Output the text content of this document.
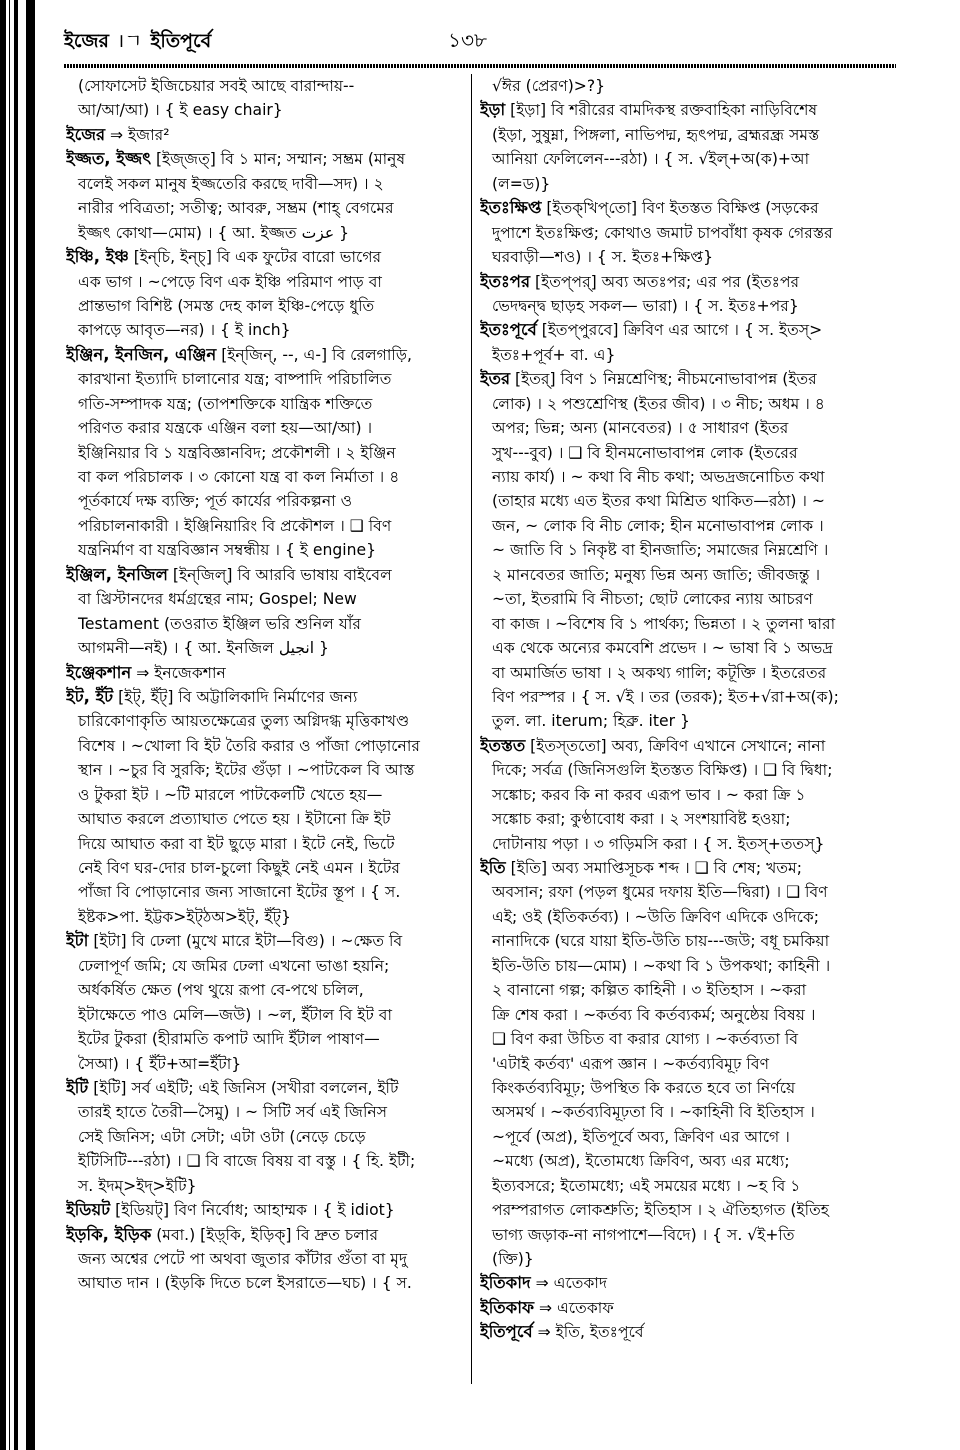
ইজের ।ㄱ ইতিপূর্বে	১৩৮
(সোফাসেট ইজিচেয়ার সবই আছে বারান্দায়--
আ/আ/আ) । { ই easy chair}
ইজের ⇒ ইজার²
ইজ্জত, ইজ্জৎ [ইজ্‌জত্‌] বি ১ মান; সম্মান; সম্ভ্রম (মানুষ
বলেই সকল মানুষ ইজ্জতেরি করছে দাবী—সদ) । ২
নারীর পবিত্রতা; সতীত্ব; আবরু, সম্ভ্রম (শাহ্‌ বেগমের
ইজ্জৎ কোথা—মোম) । { আ. ইজ্জত عزت }
ইঞ্চি, ইঞ্চ [ইন্‌চি, ইন্‌চ্‌] বি এক ফুটের বারো ভাগের
এক ভাগ । ~পেড়ে বিণ এক ইঞ্চি পরিমাণ পাড় বা
প্রান্তভাগ বিশিষ্ট (সমস্ত দেহ কাল ইঞ্চি-পেড়ে ধুতি
কাপড়ে আবৃত—নর) । { ই inch}
ইঞ্জিন, ইনজিন, এঞ্জিন [ইন্‌জিন্‌, --, এ-] বি রেলগাড়ি,
কারখানা ইত্যাদি চালানোর যন্ত্র; বাষ্পাদি পরিচালিত
গতি-সম্পাদক যন্ত্র; (তাপশক্তিকে যান্ত্রিক শক্তিতে
পরিণত করার যন্ত্রকে এঞ্জিন বলা হয়—আ/আ) ।
ইঞ্জিনিয়ার বি ১ যন্ত্রবিজ্ঞানবিদ; প্রকৌশলী । ২ ইঞ্জিন
বা কল পরিচালক । ৩ কোনো যন্ত্র বা কল নির্মাতা । ৪
পূর্তকার্যে দক্ষ ব্যক্তি; পূর্ত কার্যের পরিকল্পনা ও
পরিচালনাকারী । ইঞ্জিনিয়ারিং বি প্রকৌশল । ❑ বিণ
যন্ত্রনির্মাণ বা যন্ত্রবিজ্ঞান সম্বন্ধীয় । { ই engine}
ইঞ্জিল, ইনজিল [ইন্‌জিল্‌] বি আরবি ভাষায় বাইবেল
বা খ্রিস্টানদের ধর্মগ্রন্থের নাম; Gospel; New
Testament (তওরাত ইঞ্জিল ভরি শুনিল যাঁর
আগমনী—নই) । { আ. ইনজিল انجیل }
ইঞ্জেকশান ⇒ ইনজেকশান
ইট, ইঁট [ইট্‌, ইঁট্‌] বি অট্টালিকাদি নির্মাণের জন্য
চারিকোণাকৃতি আয়তক্ষেত্রের তুল্য অগ্নিদগ্ধ মৃত্তিকাখণ্ড
বিশেষ । ~খোলা বি ইট তৈরি করার ও পাঁজা পোড়ানোর
স্থান । ~চুর বি সুরকি; ইটের গুঁড়া । ~পাটকেল বি আস্ত
ও টুকরা ইট । ~টি মারলে পাটকেলটি খেতে হয়—
আঘাত করলে প্রত্যাঘাত পেতে হয় । ইটানো ক্রি ইট
দিয়ে আঘাত করা বা ইট ছুড়ে মারা । ইটে নেই, ভিটে
নেই বিণ ঘর-দোর চাল-চুলো কিছুই নেই এমন । ইটের
পাঁজা বি পোড়ানোর জন্য সাজানো ইটের স্তূপ । { স.
ইষ্টক>পা. ইট্টক>ইট্‌ঠঅ>ইট্‌, ইঁট্‌}
ইটা [ইটা] বি ঢেলা (মুখে মারে ইটা—বিগু) । ~ক্ষেত বি
ঢেলাপূর্ণ জমি; যে জমির ঢেলা এখনো ভাঙা হয়নি;
অর্ধকর্ষিত ক্ষেত (পথ থুয়ে রূপা বে-পথে চলিল,
ইটাক্ষেতে পাও মেলি—জউ) । ~ল, ইঁটাল বি ইট বা
ইটের টুকরা (হীরামতি কপাট আদি ইঁটাল পাষাণ—
সৈআ) । { ইঁট+আ=ইঁটা}
ইটি [ইটি] সর্ব এইটি; এই জিনিস (সখীরা বললেন, ইটি
তারই হাতে তৈরী—সৈমু) । ~ সিটি সর্ব এই জিনিস
সেই জিনিস; এটা সেটা; এটা ওটা (নেড়ে চেড়ে
ইটিসিটি---রঠা) । ❑ বি বাজে বিষয় বা বস্তু । { হি. ইটী;
স. ইদম্‌>ইদ্‌>ইটি}
ইডিয়ট [ইডিয়ট্‌] বিণ নির্বোধ; আহাম্মক । { ই idiot}
ইড়কি, ইড়িক (মবা.) [ইড়্‌কি, ইড়িক্‌] বি দ্রুত চলার
জন্য অশ্বের পেটে পা অথবা জুতার কাঁটার গুঁতা বা মৃদু
আঘাত দান । (ইড়কি দিতে চলে ইসরাতে—ঘচ) । { স.
√ঈর (প্রেরণ)>?}
ইড়া [ইড়া] বি শরীরের বামদিকস্থ রক্তবাহিকা নাড়িবিশেষ
(ইড়া, সুষুম্না, পিঙ্গলা, নাভিপদ্ম, হৃৎপদ্ম, ব্রহ্মরন্ধ্র সমস্ত
আনিয়া ফেলিলেন---রঠা) । { স. √ইল্‌+অ(ক)+আ
(ল=ড)}
ইতঃক্ষিপ্ত [ইতক্‌খিপ্‌তো] বিণ ইতস্তত বিক্ষিপ্ত (সড়কের
দুপাশে ইতঃক্ষিপ্ত; কোথাও জমাট চাপবাঁধা কৃষক গেরস্তর
ঘরবাড়ী—শও) । { স. ইতঃ+ক্ষিপ্ত}
ইতঃপর [ইতপ্‌পর্‌] অব্য অতঃপর; এর পর (ইতঃপর
ভেদদ্বন্দ্ব ছাড়হ সকল— ভারা) । { স. ইতঃ+পর}
ইতঃপূর্বে [ইতপ্‌পুরবে] ক্রিবিণ এর আগে । { স. ইতস্‌>
ইতঃ+পূর্ব+ বা. এ}
ইতর [ইতর্‌] বিণ ১ নিম্নশ্রেণিস্থ; নীচমনোভাবাপন্ন (ইতর
লোক) । ২ পশুশ্রেণিস্থ (ইতর জীব) । ৩ নীচ; অধম । ৪
অপর; ভিন্ন; অন্য (মানবেতর) । ৫ সাধারণ (ইতর
সুখ---বুব) । ❑ বি হীনমনোভাবাপন্ন লোক (ইতরের
ন্যায় কার্য) । ~ কথা বি নীচ কথা; অভদ্রজনোচিত কথা
(তাহার মধ্যে এত ইতর কথা মিশ্রিত থাকিত—রঠা) । ~
জন, ~ লোক বি নীচ লোক; হীন মনোভাবাপন্ন লোক ।
~ জাতি বি ১ নিকৃষ্ট বা হীনজাতি; সমাজের নিম্নশ্রেণি ।
২ মানবেতর জাতি; মনুষ্য ভিন্ন অন্য জাতি; জীবজন্তু ।
~তা, ইতরামি বি নীচতা; ছোট লোকের ন্যায় আচরণ
বা কাজ । ~বিশেষ বি ১ পার্থক্য; ভিন্নতা । ২ তুলনা দ্বারা
এক থেকে অন্যের কমবেশি প্রভেদ । ~ ভাষা বি ১ অভদ্র
বা অমার্জিত ভাষা । ২ অকথ্য গালি; কটূক্তি । ইতরেতর
বিণ পরস্পর । { স. √ই । তর (তরক); ইত+√রা+অ(ক);
তুল. লা. iterum; হিব্রু. iter }
ইতস্তত [ইতস্‌ততো] অব্য, ক্রিবিণ এখানে সেখানে; নানা
দিকে; সর্বত্র (জিনিসগুলি ইতস্তত বিক্ষিপ্ত) । ❑ বি দ্বিধা;
সঙ্কোচ; করব কি না করব এরূপ ভাব । ~ করা ক্রি ১
সঙ্কোচ করা; কুণ্ঠাবোধ করা । ২ সংশয়াবিষ্ট হওয়া;
দোটানায় পড়া । ৩ গড়িমসি করা । { স. ইতস্‌+ততস্‌}
ইতি [ইতি] অব্য সমাপ্তিসূচক শব্দ । ❑ বি শেষ; খতম;
অবসান; রফা (পড়ল ধুমের দফায় ইতি—দ্বিরা) । ❑ বিণ
এই; ওই (ইতিকর্তব্য) । ~উতি ক্রিবিণ এদিকে ওদিকে;
নানাদিকে (ঘরে যায়া ইতি-উতি চায়---জউ; বধূ চমকিয়া
ইতি-উতি চায়—মোম) । ~কথা বি ১ উপকথা; কাহিনী ।
২ বানানো গল্প; কল্পিত কাহিনী । ৩ ইতিহাস । ~করা
ক্রি শেষ করা । ~কর্তব্য বি কর্তব্যকর্ম; অনুষ্ঠেয় বিষয় ।
❑ বিণ করা উচিত বা করার যোগ্য । ~কর্তব্যতা বি
'এটাই কর্তব্য' এরূপ জ্ঞান । ~কর্তব্যবিমূঢ় বিণ
কিংকর্তব্যবিমূঢ়; উপস্থিত কি করতে হবে তা নির্ণয়ে
অসমর্থ । ~কর্তব্যবিমূঢ়তা বি । ~কাহিনী বি ইতিহাস ।
~পূর্বে (অপ্র), ইতিপূর্বে অব্য, ক্রিবিণ এর আগে ।
~মধ্যে (অপ্র), ইতোমধ্যে ক্রিবিণ, অব্য এর মধ্যে;
ইত্যবসরে; ইতোমধ্যে; এই সময়ের মধ্যে । ~হ বি ১
পরম্পরাগত লোকশ্রুতি; ইতিহাস । ২ ঐতিহ্যগত (ইতিহ
ভাগ্য জড়াক-না নাগপাশে—বিদে) । { স. √ই+তি
(ক্তি)}
ইতিকাদ ⇒ এতেকাদ
ইতিকাফ ⇒ এতেকাফ
ইতিপূর্বে ⇒ ইতি, ইতঃপূর্বে
